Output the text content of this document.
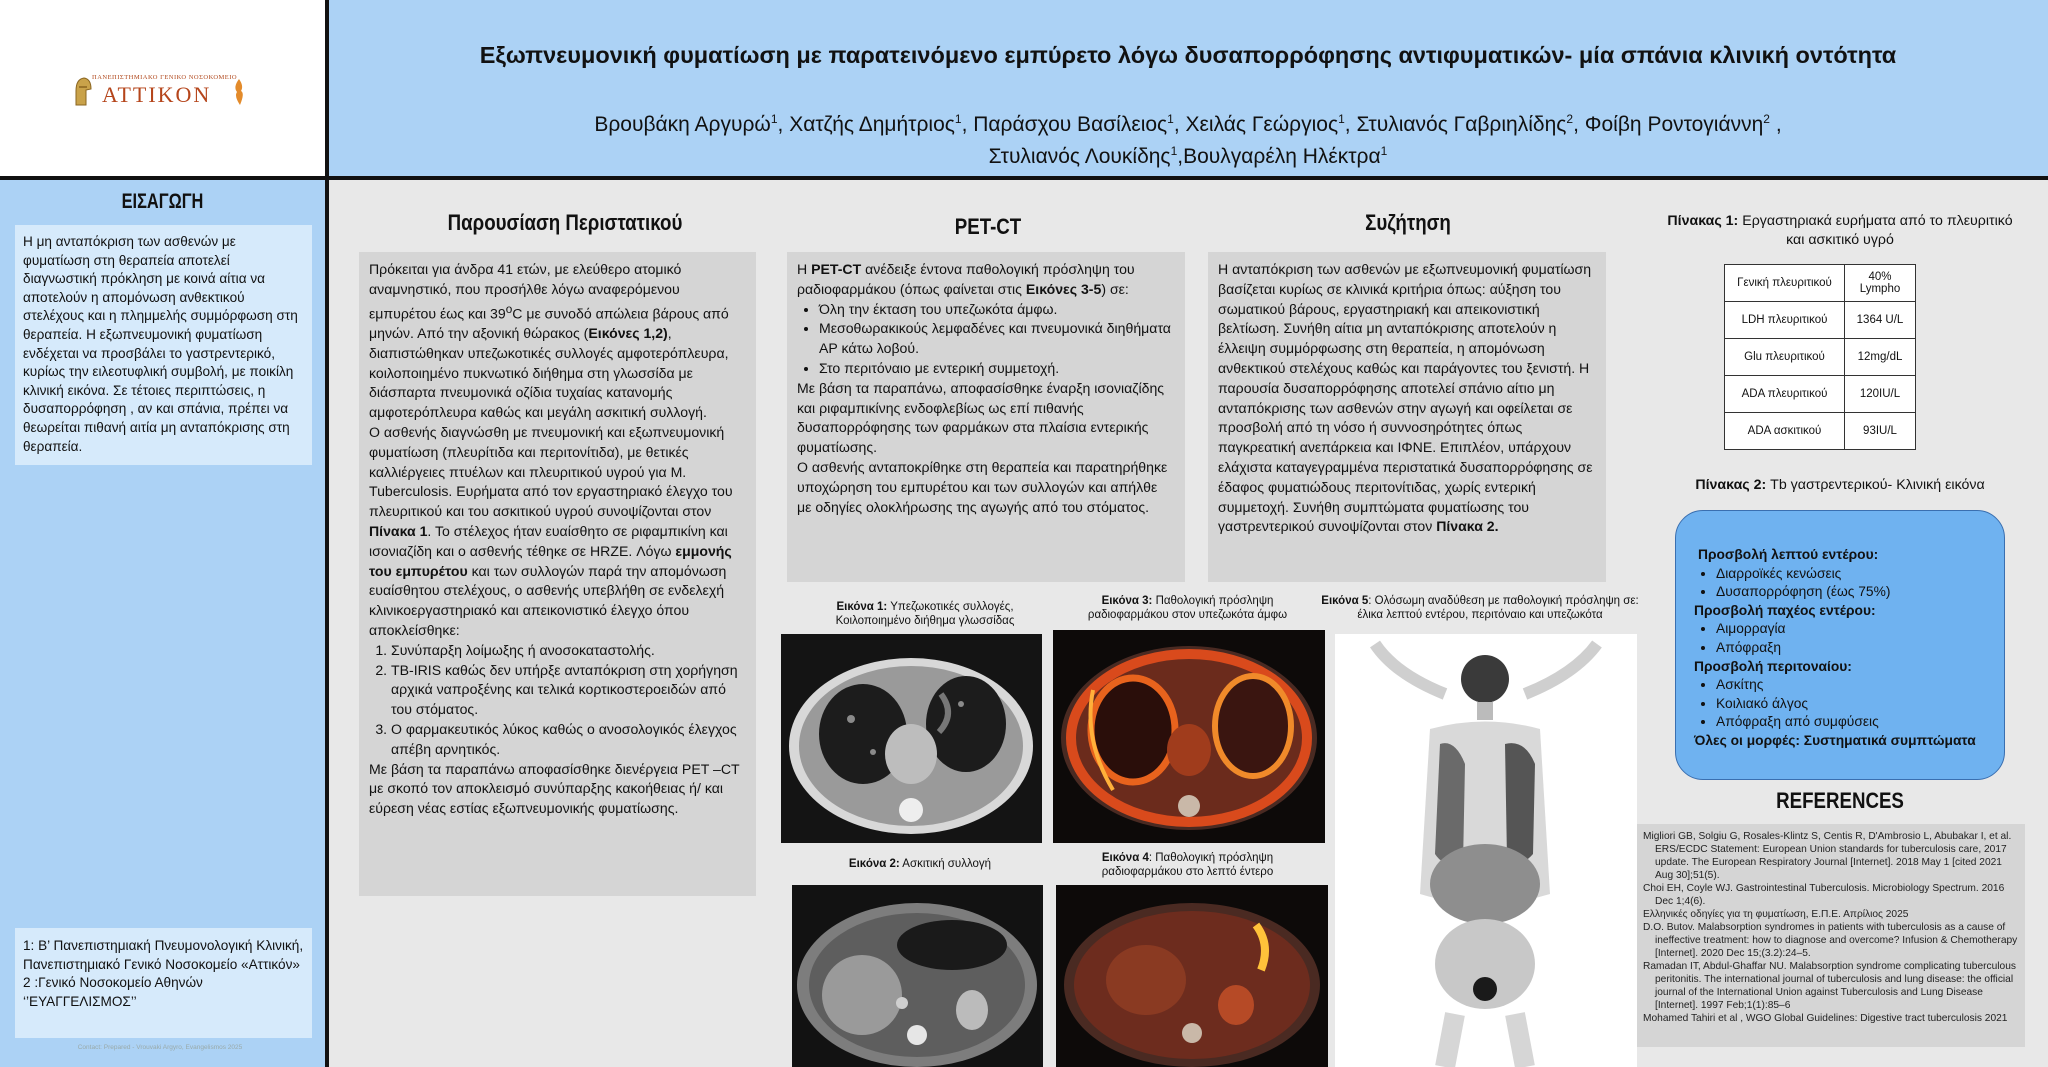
ΠΑΝΕΠΙΣΤΗΜΙΑΚΟ ΓΕΝΙΚΟ ΝΟΣΟΚΟΜΕΙΟ
ATTIKON
Εξωπνευμονική φυματίωση με παρατεινόμενο εμπύρετο λόγω δυσαπορρόφησης αντιφυματικών- μία σπάνια κλινική οντότητα
Βρουβάκη Αργυρώ$^1$, Χατζής Δημήτριος$^1$, Παράσχου Βασίλειος$^1$, Χειλάς Γεώργιος$^1$, Στυλιανός Γαβριηλίδης$^2$, Φοίβη Ροντογιάννη$^2$ ,
Στυλιανός Λουκίδης$^1$,Βουλγαρέλη Ηλέκτρα$^1$
ΕΙΣΑΓΩΓΗ
Η μη ανταπόκριση των ασθενών με φυματίωση στη θεραπεία αποτελεί διαγνωστική πρόκληση με κοινά αίτια να αποτελούν η απομόνωση ανθεκτικού στελέχους και η πλημμελής συμμόρφωση στη θεραπεία. Η εξωπνευμονική φυματίωση ενδέχεται να προσβάλει το γαστρεντερικό, κυρίως την ειλεοτυφλική συμβολή, με ποικίλη κλινική εικόνα. Σε τέτοιες περιπτώσεις, η δυσαπορρόφηση , αν και σπάνια, πρέπει να θεωρείται πιθανή αιτία μη ανταπόκρισης στη θεραπεία.
1: Β’ Πανεπιστημιακή Πνευμονολογική Κλινική, Πανεπιστημιακό Γενικό Νοσοκομείο «Αττικόν»
2 :Γενικό Νοσοκομείο Αθηνών ‘’ΕΥΑΓΓΕΛΙΣΜΟΣ’’
Contact: Prepared - Vrouvaki Argyro, Evangelismos 2025
Παρουσίαση Περιστατικού

Πρόκειται για άνδρα 41 ετών, με ελεύθερο ατομικό αναμνηστικό, που προσήλθε λόγω αναφερόμενου εμπυρέτου έως και $39^oC$ με συνοδό απώλεια βάρους από μηνών. Από την αξονική θώρακος (Εικόνες 1,2), διαπιστώθηκαν υπεζωκοτικές συλλογές αμφοτερόπλευρα, κοιλοποιημένο πυκνωτικό διήθημα στη γλωσσίδα με διάσπαρτα πνευμονικά οζίδια τυχαίας κατανομής αμφοτερόπλευρα καθώς και μεγάλη ασκιτική συλλογή.

Ο ασθενής διαγνώσθη με πνευμονική και εξωπνευμονική φυματίωση (πλευρίτιδα και περιτονίτιδα), με θετικές καλλιέργειες πτυέλων και πλευριτικού υγρού για M. Tuberculosis. Ευρήματα από τον εργαστηριακό έλεγχο του πλευριτικού και του ασκιτικού υγρού συνοψίζονται στον Πίνακα 1. Το στέλεχος ήταν ευαίσθητο σε ριφαμπικίνη και ισονιαζίδη και ο ασθενής τέθηκε σε HRZE. Λόγω εμμονής του εμπυρέτου και των συλλογών παρά την απομόνωση ευαίσθητου στελέχους, ο ασθενής υπεβλήθη σε ενδελεχή κλινικοεργαστηριακό και απεικονιστικό έλεγχο όπου αποκλείσθηκε:

1. Συνύπαρξη λοίμωξης ή ανοσοκαταστολής.
2. TB-IRIS καθώς δεν υπήρξε ανταπόκριση στη χορήγηση αρχικά ναπροξένης και τελικά κορτικοστεροειδών από του στόματος.
3. Ο φαρμακευτικός λύκος καθώς ο ανοσολογικός έλεγχος απέβη αρνητικός.

Με βάση τα παραπάνω αποφασίσθηκε διενέργεια PET –CT με σκοπό τον αποκλεισμό συνύπαρξης κακοήθειας ή/ και εύρεση νέας εστίας εξωπνευμονικής φυματίωσης.

PET-CT

Η PET-CT ανέδειξε έντονα παθολογική πρόσληψη του ραδιοφαρμάκου (όπως φαίνεται στις Εικόνες 3-5) σε:

• Όλη την έκταση του υπεζωκότα άμφω.
• Μεσοθωρακικούς λεμφαδένες και πνευμονικά διηθήματα ΑΡ κάτω λοβού.
• Στο περιτόναιο με εντερική συμμετοχή.

Με βάση τα παραπάνω, αποφασίσθηκε έναρξη ισονιαζίδης και ριφαμπικίνης ενδοφλεβίως ως επί πιθανής δυσαπορρόφησης των φαρμάκων στα πλαίσια εντερικής φυματίωσης.

Ο ασθενής ανταποκρίθηκε στη θεραπεία και παρατηρήθηκε υποχώρηση του εμπυρέτου και των συλλογών και απήλθε με οδηγίες ολοκλήρωσης της αγωγής από του στόματος.

Συζήτηση

Η ανταπόκριση των ασθενών με εξωπνευμονική φυματίωση βασίζεται κυρίως σε κλινικά κριτήρια όπως: αύξηση του σωματικού βάρους, εργαστηριακή και απεικονιστική βελτίωση. Συνήθη αίτια μη ανταπόκρισης αποτελούν η έλλειψη συμμόρφωσης στη θεραπεία, η απομόνωση ανθεκτικού στελέχους καθώς και παράγοντες του ξενιστή. Η παρουσία δυσαπορρόφησης αποτελεί σπάνιο αίτιο μη ανταπόκρισης των ασθενών στην αγωγή και οφείλεται σε προσβολή από τη νόσο ή συννοσηρότητες όπως παγκρεατική ανεπάρκεια και ΙΦΝΕ. Επιπλέον, υπάρχουν ελάχιστα καταγεγραμμένα περιστατικά δυσαπορρόφησης σε έδαφος φυματιώδους περιτονίτιδας, χωρίς εντερική συμμετοχή. Συνήθη συμπτώματα φυματίωσης του γαστρεντερικού συνοψίζονται στον Πίνακα 2.

Εικόνα 1: Υπεζωκοτικές συλλογές, Κοιλοποιημένο διήθημα γλωσσίδας
Εικόνα 3: Παθολογική πρόσληψη ραδιοφαρμάκου στον υπεζωκότα άμφω
Εικόνα 5: Ολόσωμη αναδύθεση με παθολογική πρόσληψη σε: έλικα λεπτού εντέρου, περιτόναιο και υπεζωκότα
Εικόνα 2: Ασκιτική συλλογή	Εικόνα 4: Παθολογική πρόσληψη ραδιοφαρμάκου στο λεπτό έντερο
Πίνακας 1: Εργαστηριακά ευρήματα από το πλευριτικό και ασκιτικό υγρό
Γενική πλευριτικού	40% Lympho
LDH πλευριτικού	1364 U/L
Glu πλευριτικού	12mg/dL
ADA πλευριτικού	120IU/L
ADA ασκιτικού	93IU/L
Πίνακας 2: Tb γαστρεντερικού- Κλινική εικόνα
Προσβολή λεπτού εντέρου:
• Διαρροϊκές κενώσεις
• Δυσαπορρόφηση (έως 75%)
Προσβολή παχέος εντέρου:
• Αιμορραγία
• Απόφραξη
Προσβολή περιτοναίου:
• Ασκίτης
• Κοιλιακό άλγος
• Απόφραξη από συμφύσεις
Όλες οι μορφές: Συστηματικά συμπτώματα
REFERENCES
Migliori GB, Solgiu G, Rosales-Klintz S, Centis R, D'Ambrosio L, Abubakar I, et al. ERS/ECDC Statement: European Union standards for tuberculosis care, 2017 update. The European Respiratory Journal [Internet]. 2018 May 1 [cited 2021 Aug 30];51(5).
Choi EH, Coyle WJ. Gastrointestinal Tuberculosis. Microbiology Spectrum. 2016 Dec 1;4(6).
Ελληνικές οδηγίες για τη φυματίωση, Ε.Π.Ε. Απρίλιος 2025
D.O. Butov. Malabsorption syndromes in patients with tuberculosis as a cause of ineffective treatment: how to diagnose and overcome? Infusion & Chemotherapy [Internet]. 2020 Dec 15;(3.2):24–5.
Ramadan IT, Abdul-Ghaffar NU. Malabsorption syndrome complicating tuberculous peritonitis. The international journal of tuberculosis and lung disease: the official journal of the International Union against Tuberculosis and Lung Disease [Internet]. 1997 Feb;1(1):85–6
Mohamed Tahiri et al , WGO Global Guidelines: Digestive tract tuberculosis 2021
